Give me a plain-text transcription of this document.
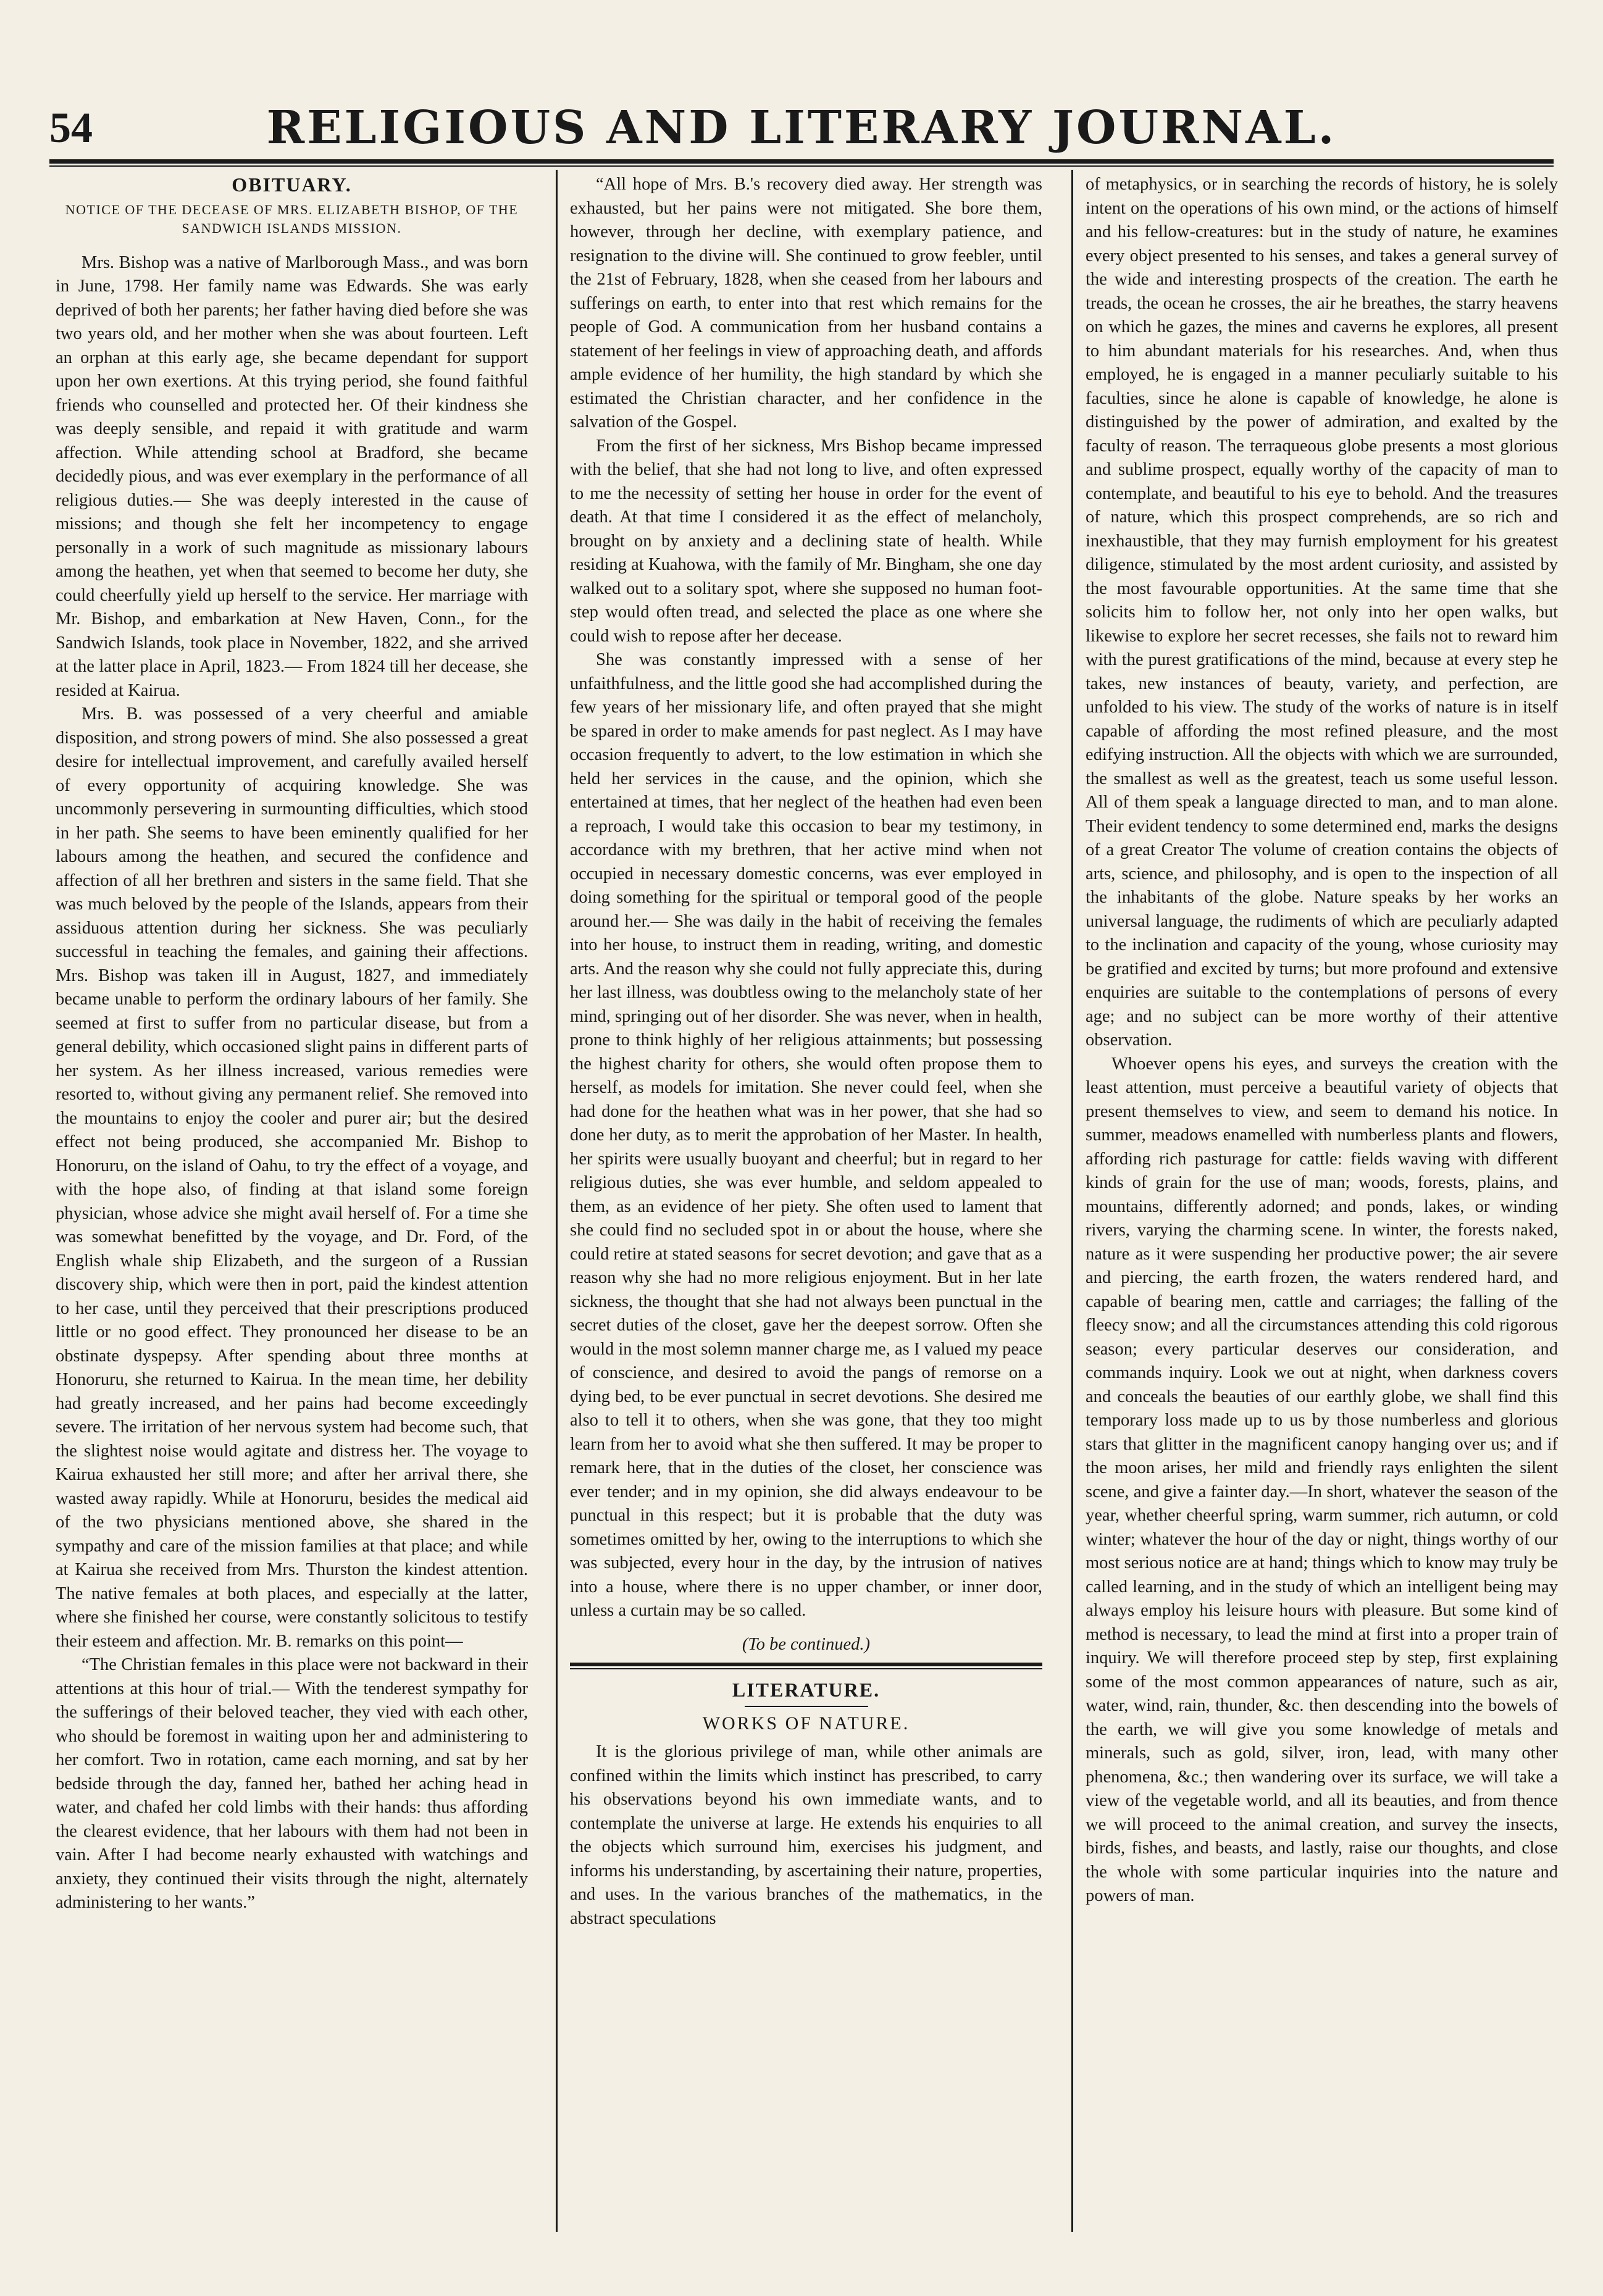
54	RELIGIOUS AND LITERARY JOURNAL.
OBITUARY.
NOTICE OF THE DECEASE OF MRS. ELIZABETH BISHOP, OF THE SANDWICH ISLANDS MISSION.

Mrs. Bishop was a native of Marlborough Mass., and was born in June, 1798. Her family name was Edwards. She was early deprived of both her parents; her father having died before she was two years old, and her mother when she was about fourteen. Left an orphan at this early age, she became dependant for support upon her own exertions. At this trying period, she found faithful friends who counselled and protected her. Of their kindness she was deeply sensible, and repaid it with gratitude and warm affection. While attending school at Bradford, she became decidedly pious, and was ever exemplary in the performance of all religious duties.— She was deeply interested in the cause of missions; and though she felt her incompetency to engage personally in a work of such magnitude as missionary labours among the heathen, yet when that seemed to become her duty, she could cheerfully yield up herself to the service. Her marriage with Mr. Bishop, and embarkation at New Haven, Conn., for the Sandwich Islands, took place in November, 1822, and she arrived at the latter place in April, 1823.— From 1824 till her decease, she resided at Kairua.

Mrs. B. was possessed of a very cheerful and amiable disposition, and strong powers of mind. She also possessed a great desire for intellectual improvement, and carefully availed herself of every opportunity of acquiring knowledge. She was uncommonly persevering in surmounting difficulties, which stood in her path. She seems to have been eminently qualified for her labours among the heathen, and secured the confidence and affection of all her brethren and sisters in the same field. That she was much beloved by the people of the Islands, appears from their assiduous attention during her sickness. She was peculiarly successful in teaching the females, and gaining their affections. Mrs. Bishop was taken ill in August, 1827, and immediately became unable to perform the ordinary labours of her family. She seemed at first to suffer from no particular disease, but from a general debility, which occasioned slight pains in different parts of her system. As her illness increased, various remedies were resorted to, without giving any permanent relief. She removed into the mountains to enjoy the cooler and purer air; but the desired effect not being produced, she accompanied Mr. Bishop to Honoruru, on the island of Oahu, to try the effect of a voyage, and with the hope also, of finding at that island some foreign physician, whose advice she might avail herself of. For a time she was somewhat benefitted by the voyage, and Dr. Ford, of the English whale ship Elizabeth, and the surgeon of a Russian discovery ship, which were then in port, paid the kindest attention to her case, until they perceived that their prescriptions produced little or no good effect. They pronounced her disease to be an obstinate dyspepsy. After spending about three months at Honoruru, she returned to Kairua. In the mean time, her debility had greatly increased, and her pains had become exceedingly severe. The irritation of her nervous system had become such, that the slightest noise would agitate and distress her. The voyage to Kairua exhausted her still more; and after her arrival there, she wasted away rapidly. While at Honoruru, besides the medical aid of the two physicians mentioned above, she shared in the sympathy and care of the mission families at that place; and while at Kairua she received from Mrs. Thurston the kindest attention. The native females at both places, and especially at the latter, where she finished her course, were constantly solicitous to testify their esteem and affection. Mr. B. remarks on this point—

“The Christian females in this place were not backward in their attentions at this hour of trial.— With the tenderest sympathy for the sufferings of their beloved teacher, they vied with each other, who should be foremost in waiting upon her and administering to her comfort. Two in rotation, came each morning, and sat by her bedside through the day, fanned her, bathed her aching head in water, and chafed her cold limbs with their hands: thus affording the clearest evidence, that her labours with them had not been in vain. After I had become nearly exhausted with watchings and anxiety, they continued their visits through the night, alternately administering to her wants.”

“All hope of Mrs. B.'s recovery died away. Her strength was exhausted, but her pains were not mitigated. She bore them, however, through her decline, with exemplary patience, and resignation to the divine will. She continued to grow feebler, until the 21st of February, 1828, when she ceased from her labours and sufferings on earth, to enter into that rest which remains for the people of God. A communication from her husband contains a statement of her feelings in view of approaching death, and affords ample evidence of her humility, the high standard by which she estimated the Christian character, and her confidence in the salvation of the Gospel.

From the first of her sickness, Mrs Bishop became impressed with the belief, that she had not long to live, and often expressed to me the necessity of setting her house in order for the event of death. At that time I considered it as the effect of melancholy, brought on by anxiety and a declining state of health. While residing at Kuahowa, with the family of Mr. Bingham, she one day walked out to a solitary spot, where she supposed no human foot-step would often tread, and selected the place as one where she could wish to repose after her decease.

She was constantly impressed with a sense of her unfaithfulness, and the little good she had accomplished during the few years of her missionary life, and often prayed that she might be spared in order to make amends for past neglect. As I may have occasion frequently to advert, to the low estimation in which she held her services in the cause, and the opinion, which she entertained at times, that her neglect of the heathen had even been a reproach, I would take this occasion to bear my testimony, in accordance with my brethren, that her active mind when not occupied in necessary domestic concerns, was ever employed in doing something for the spiritual or temporal good of the people around her.— She was daily in the habit of receiving the females into her house, to instruct them in reading, writing, and domestic arts. And the reason why she could not fully appreciate this, during her last illness, was doubtless owing to the melancholy state of her mind, springing out of her disorder. She was never, when in health, prone to think highly of her religious attainments; but possessing the highest charity for others, she would often propose them to herself, as models for imitation. She never could feel, when she had done for the heathen what was in her power, that she had so done her duty, as to merit the approbation of her Master. In health, her spirits were usually buoyant and cheerful; but in regard to her religious duties, she was ever humble, and seldom appealed to them, as an evidence of her piety. She often used to lament that she could find no secluded spot in or about the house, where she could retire at stated seasons for secret devotion; and gave that as a reason why she had no more religious enjoyment. But in her late sickness, the thought that she had not always been punctual in the secret duties of the closet, gave her the deepest sorrow. Often she would in the most solemn manner charge me, as I valued my peace of conscience, and desired to avoid the pangs of remorse on a dying bed, to be ever punctual in secret devotions. She desired me also to tell it to others, when she was gone, that they too might learn from her to avoid what she then suffered. It may be proper to remark here, that in the duties of the closet, her conscience was ever tender; and in my opinion, she did always endeavour to be punctual in this respect; but it is probable that the duty was sometimes omitted by her, owing to the interruptions to which she was subjected, every hour in the day, by the intrusion of natives into a house, where there is no upper chamber, or inner door, unless a curtain may be so called.

(To be continued.)
LITERATURE.
WORKS OF NATURE.

It is the glorious privilege of man, while other animals are confined within the limits which instinct has prescribed, to carry his observations beyond his own immediate wants, and to contemplate the universe at large. He extends his enquiries to all the objects which surround him, exercises his judgment, and informs his understanding, by ascertaining their nature, properties, and uses. In the various branches of the mathematics, in the abstract speculations

of metaphysics, or in searching the records of history, he is solely intent on the operations of his own mind, or the actions of himself and his fellow-creatures: but in the study of nature, he examines every object presented to his senses, and takes a general survey of the wide and interesting prospects of the creation. The earth he treads, the ocean he crosses, the air he breathes, the starry heavens on which he gazes, the mines and caverns he explores, all present to him abundant materials for his researches. And, when thus employed, he is engaged in a manner peculiarly suitable to his faculties, since he alone is capable of knowledge, he alone is distinguished by the power of admiration, and exalted by the faculty of reason. The terraqueous globe presents a most glorious and sublime prospect, equally worthy of the capacity of man to contemplate, and beautiful to his eye to behold. And the treasures of nature, which this prospect comprehends, are so rich and inexhaustible, that they may furnish employment for his greatest diligence, stimulated by the most ardent curiosity, and assisted by the most favourable opportunities. At the same time that she solicits him to follow her, not only into her open walks, but likewise to explore her secret recesses, she fails not to reward him with the purest gratifications of the mind, because at every step he takes, new instances of beauty, variety, and perfection, are unfolded to his view. The study of the works of nature is in itself capable of affording the most refined pleasure, and the most edifying instruction. All the objects with which we are surrounded, the smallest as well as the greatest, teach us some useful lesson. All of them speak a language directed to man, and to man alone. Their evident tendency to some determined end, marks the designs of a great Creator The volume of creation contains the objects of arts, science, and philosophy, and is open to the inspection of all the inhabitants of the globe. Nature speaks by her works an universal language, the rudiments of which are peculiarly adapted to the inclination and capacity of the young, whose curiosity may be gratified and excited by turns; but more profound and extensive enquiries are suitable to the contemplations of persons of every age; and no subject can be more worthy of their attentive observation.

Whoever opens his eyes, and surveys the creation with the least attention, must perceive a beautiful variety of objects that present themselves to view, and seem to demand his notice. In summer, meadows enamelled with numberless plants and flowers, affording rich pasturage for cattle: fields waving with different kinds of grain for the use of man; woods, forests, plains, and mountains, differently adorned; and ponds, lakes, or winding rivers, varying the charming scene. In winter, the forests naked, nature as it were suspending her productive power; the air severe and piercing, the earth frozen, the waters rendered hard, and capable of bearing men, cattle and carriages; the falling of the fleecy snow; and all the circumstances attending this cold rigorous season; every particular deserves our consideration, and commands inquiry. Look we out at night, when darkness covers and conceals the beauties of our earthly globe, we shall find this temporary loss made up to us by those numberless and glorious stars that glitter in the magnificent canopy hanging over us; and if the moon arises, her mild and friendly rays enlighten the silent scene, and give a fainter day.—In short, whatever the season of the year, whether cheerful spring, warm summer, rich autumn, or cold winter; whatever the hour of the day or night, things worthy of our most serious notice are at hand; things which to know may truly be called learning, and in the study of which an intelligent being may always employ his leisure hours with pleasure. But some kind of method is necessary, to lead the mind at first into a proper train of inquiry. We will therefore proceed step by step, first explaining some of the most common appearances of nature, such as air, water, wind, rain, thunder, &c. then descending into the bowels of the earth, we will give you some knowledge of metals and minerals, such as gold, silver, iron, lead, with many other phenomena, &c.; then wandering over its surface, we will take a view of the vegetable world, and all its beauties, and from thence we will proceed to the animal creation, and survey the insects, birds, fishes, and beasts, and lastly, raise our thoughts, and close the whole with some particular inquiries into the nature and powers of man.
